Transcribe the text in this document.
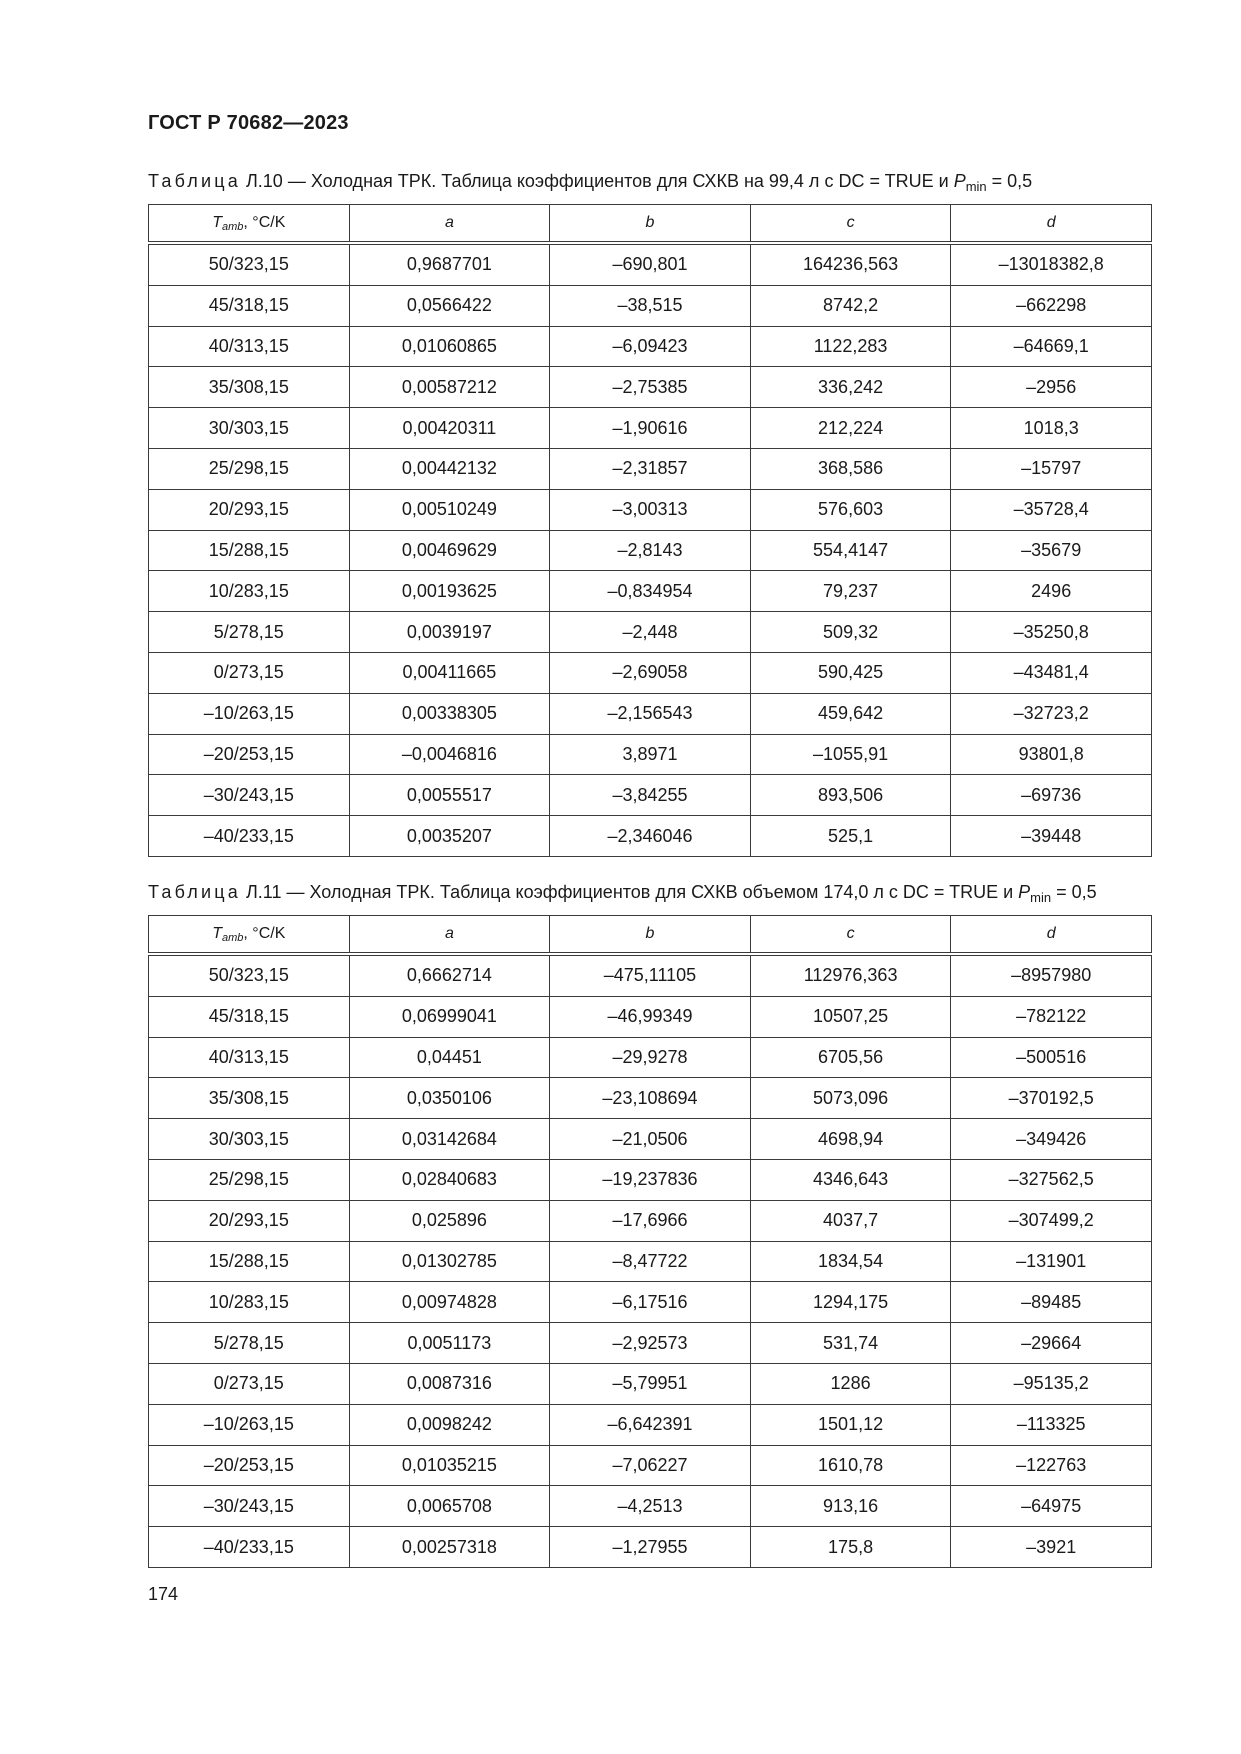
ГОСТ Р 70682—2023
Таблица Л.10 — Холодная ТРК. Таблица коэффициентов для СХКВ на 99,4 л с DC = TRUE и $P_{min} = 0,5$
$T_{amb}$, °C/K	a	b	c	d
50/323,15	0,9687701	–690,801	164236,563	–13018382,8
45/318,15	0,0566422	–38,515	8742,2	–662298
40/313,15	0,01060865	–6,09423	1122,283	–64669,1
35/308,15	0,00587212	–2,75385	336,242	–2956
30/303,15	0,00420311	–1,90616	212,224	1018,3
25/298,15	0,00442132	–2,31857	368,586	–15797
20/293,15	0,00510249	–3,00313	576,603	–35728,4
15/288,15	0,00469629	–2,8143	554,4147	–35679
10/283,15	0,00193625	–0,834954	79,237	2496
5/278,15	0,0039197	–2,448	509,32	–35250,8
0/273,15	0,00411665	–2,69058	590,425	–43481,4
–10/263,15	0,00338305	–2,156543	459,642	–32723,2
–20/253,15	–0,0046816	3,8971	–1055,91	93801,8
–30/243,15	0,0055517	–3,84255	893,506	–69736
–40/233,15	0,0035207	–2,346046	525,1	–39448
Таблица Л.11 — Холодная ТРК. Таблица коэффициентов для СХКВ объемом 174,0 л с DC = TRUE и $P_{min} = 0,5$
$T_{amb}$, °C/K	a	b	c	d
50/323,15	0,6662714	–475,11105	112976,363	–8957980
45/318,15	0,06999041	–46,99349	10507,25	–782122
40/313,15	0,04451	–29,9278	6705,56	–500516
35/308,15	0,0350106	–23,108694	5073,096	–370192,5
30/303,15	0,03142684	–21,0506	4698,94	–349426
25/298,15	0,02840683	–19,237836	4346,643	–327562,5
20/293,15	0,025896	–17,6966	4037,7	–307499,2
15/288,15	0,01302785	–8,47722	1834,54	–131901
10/283,15	0,00974828	–6,17516	1294,175	–89485
5/278,15	0,0051173	–2,92573	531,74	–29664
0/273,15	0,0087316	–5,79951	1286	–95135,2
–10/263,15	0,0098242	–6,642391	1501,12	–113325
–20/253,15	0,01035215	–7,06227	1610,78	–122763
–30/243,15	0,0065708	–4,2513	913,16	–64975
–40/233,15	0,00257318	–1,27955	175,8	–3921
174
